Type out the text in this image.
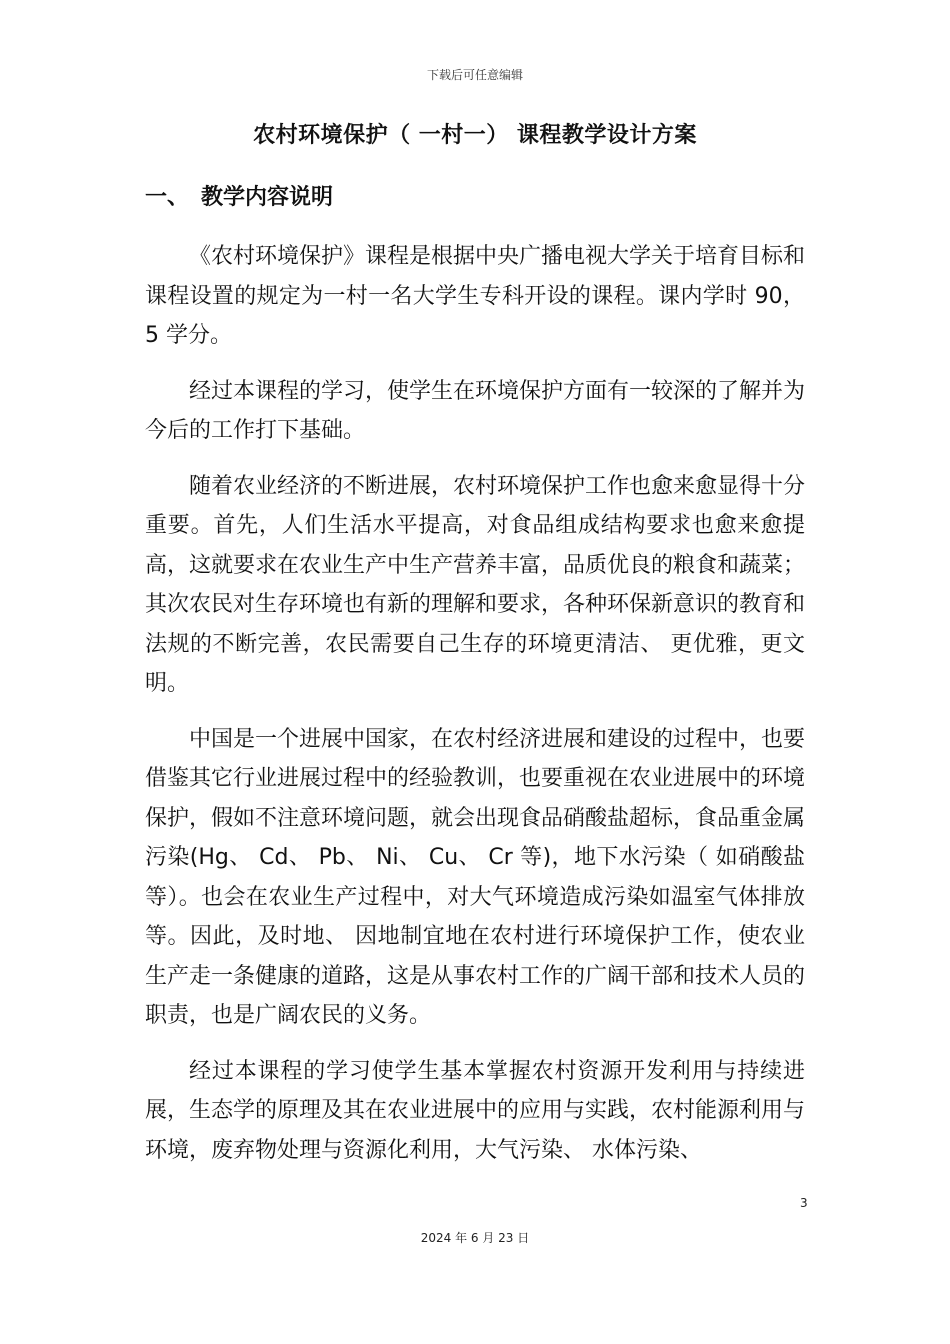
下载后可任意编辑
农村环境保护（ 一村一） 课程教学设计方案
一、 教学内容说明

《农村环境保护》课程是根据中央广播电视大学关于培育目标和课程设置的规定为一村一名大学生专科开设的课程。课内学时 90，5 学分。

经过本课程的学习，使学生在环境保护方面有一较深的了解并为今后的工作打下基础。

随着农业经济的不断进展，农村环境保护工作也愈来愈显得十分重要。首先，人们生活水平提高，对食品组成结构要求也愈来愈提高，这就要求在农业生产中生产营养丰富，品质优良的粮食和蔬菜；其次农民对生存环境也有新的理解和要求，各种环保新意识的教育和法规的不断完善，农民需要自己生存的环境更清洁、 更优雅，更文明。

中国是一个进展中国家，在农村经济进展和建设的过程中，也要借鉴其它行业进展过程中的经验教训，也要重视在农业进展中的环境保护，假如不注意环境问题，就会出现食品硝酸盐超标，食品重金属污染(Hg、 Cd、 Pb、 Ni、 Cu、 Cr 等)，地下水污染（ 如硝酸盐等）。也会在农业生产过程中，对大气环境造成污染如温室气体排放等。因此，及时地、 因地制宜地在农村进行环境保护工作，使农业生产走一条健康的道路，这是从事农村工作的广阔干部和技术人员的职责，也是广阔农民的义务。

经过本课程的学习使学生基本掌握农村资源开发利用与持续进展，生态学的原理及其在农业进展中的应用与实践，农村能源利用与环境，废弃物处理与资源化利用，大气污染、 水体污染、

3
2024 年 6 月 23 日
